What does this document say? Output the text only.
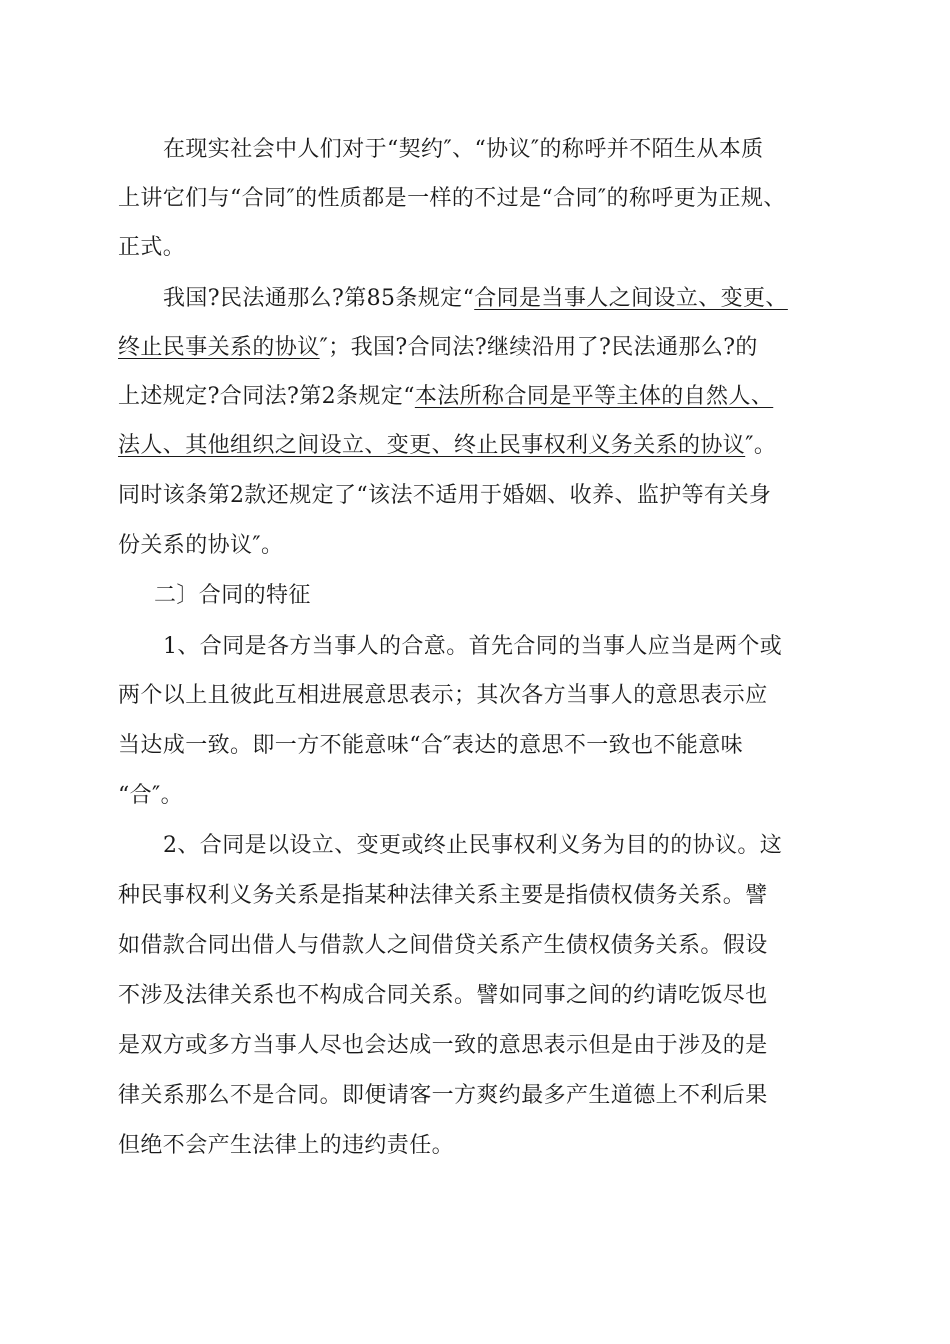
在现实社会中人们对于“契约″、“协议″的称呼并不陌生从本质
上讲它们与“合同″的性质都是一样的不过是“合同″的称呼更为正规、
正式。
我国?民法通那么?第85条规定“合同是当事人之间设立、变更、
终止民事关系的协议″；我国?合同法?继续沿用了?民法通那么?的
上述规定?合同法?第2条规定“本法所称合同是平等主体的自然人、
法人、其他组织之间设立、变更、终止民事权利义务关系的协议″。
同时该条第2款还规定了“该法不适用于婚姻、收养、监护等有关身
份关系的协议″。
二〕合同的特征
1、合同是各方当事人的合意。首先合同的当事人应当是两个或
两个以上且彼此互相进展意思表示；其次各方当事人的意思表示应
当达成一致。即一方不能意味“合″表达的意思不一致也不能意味
“合″。
2、合同是以设立、变更或终止民事权利义务为目的的协议。这
种民事权利义务关系是指某种法律关系主要是指债权债务关系。譬
如借款合同出借人与借款人之间借贷关系产生债权债务关系。假设
不涉及法律关系也不构成合同关系。譬如同事之间的约请吃饭尽也
是双方或多方当事人尽也会达成一致的意思表示但是由于涉及的是
律关系那么不是合同。即便请客一方爽约最多产生道德上不利后果
但绝不会产生法律上的违约责任。
